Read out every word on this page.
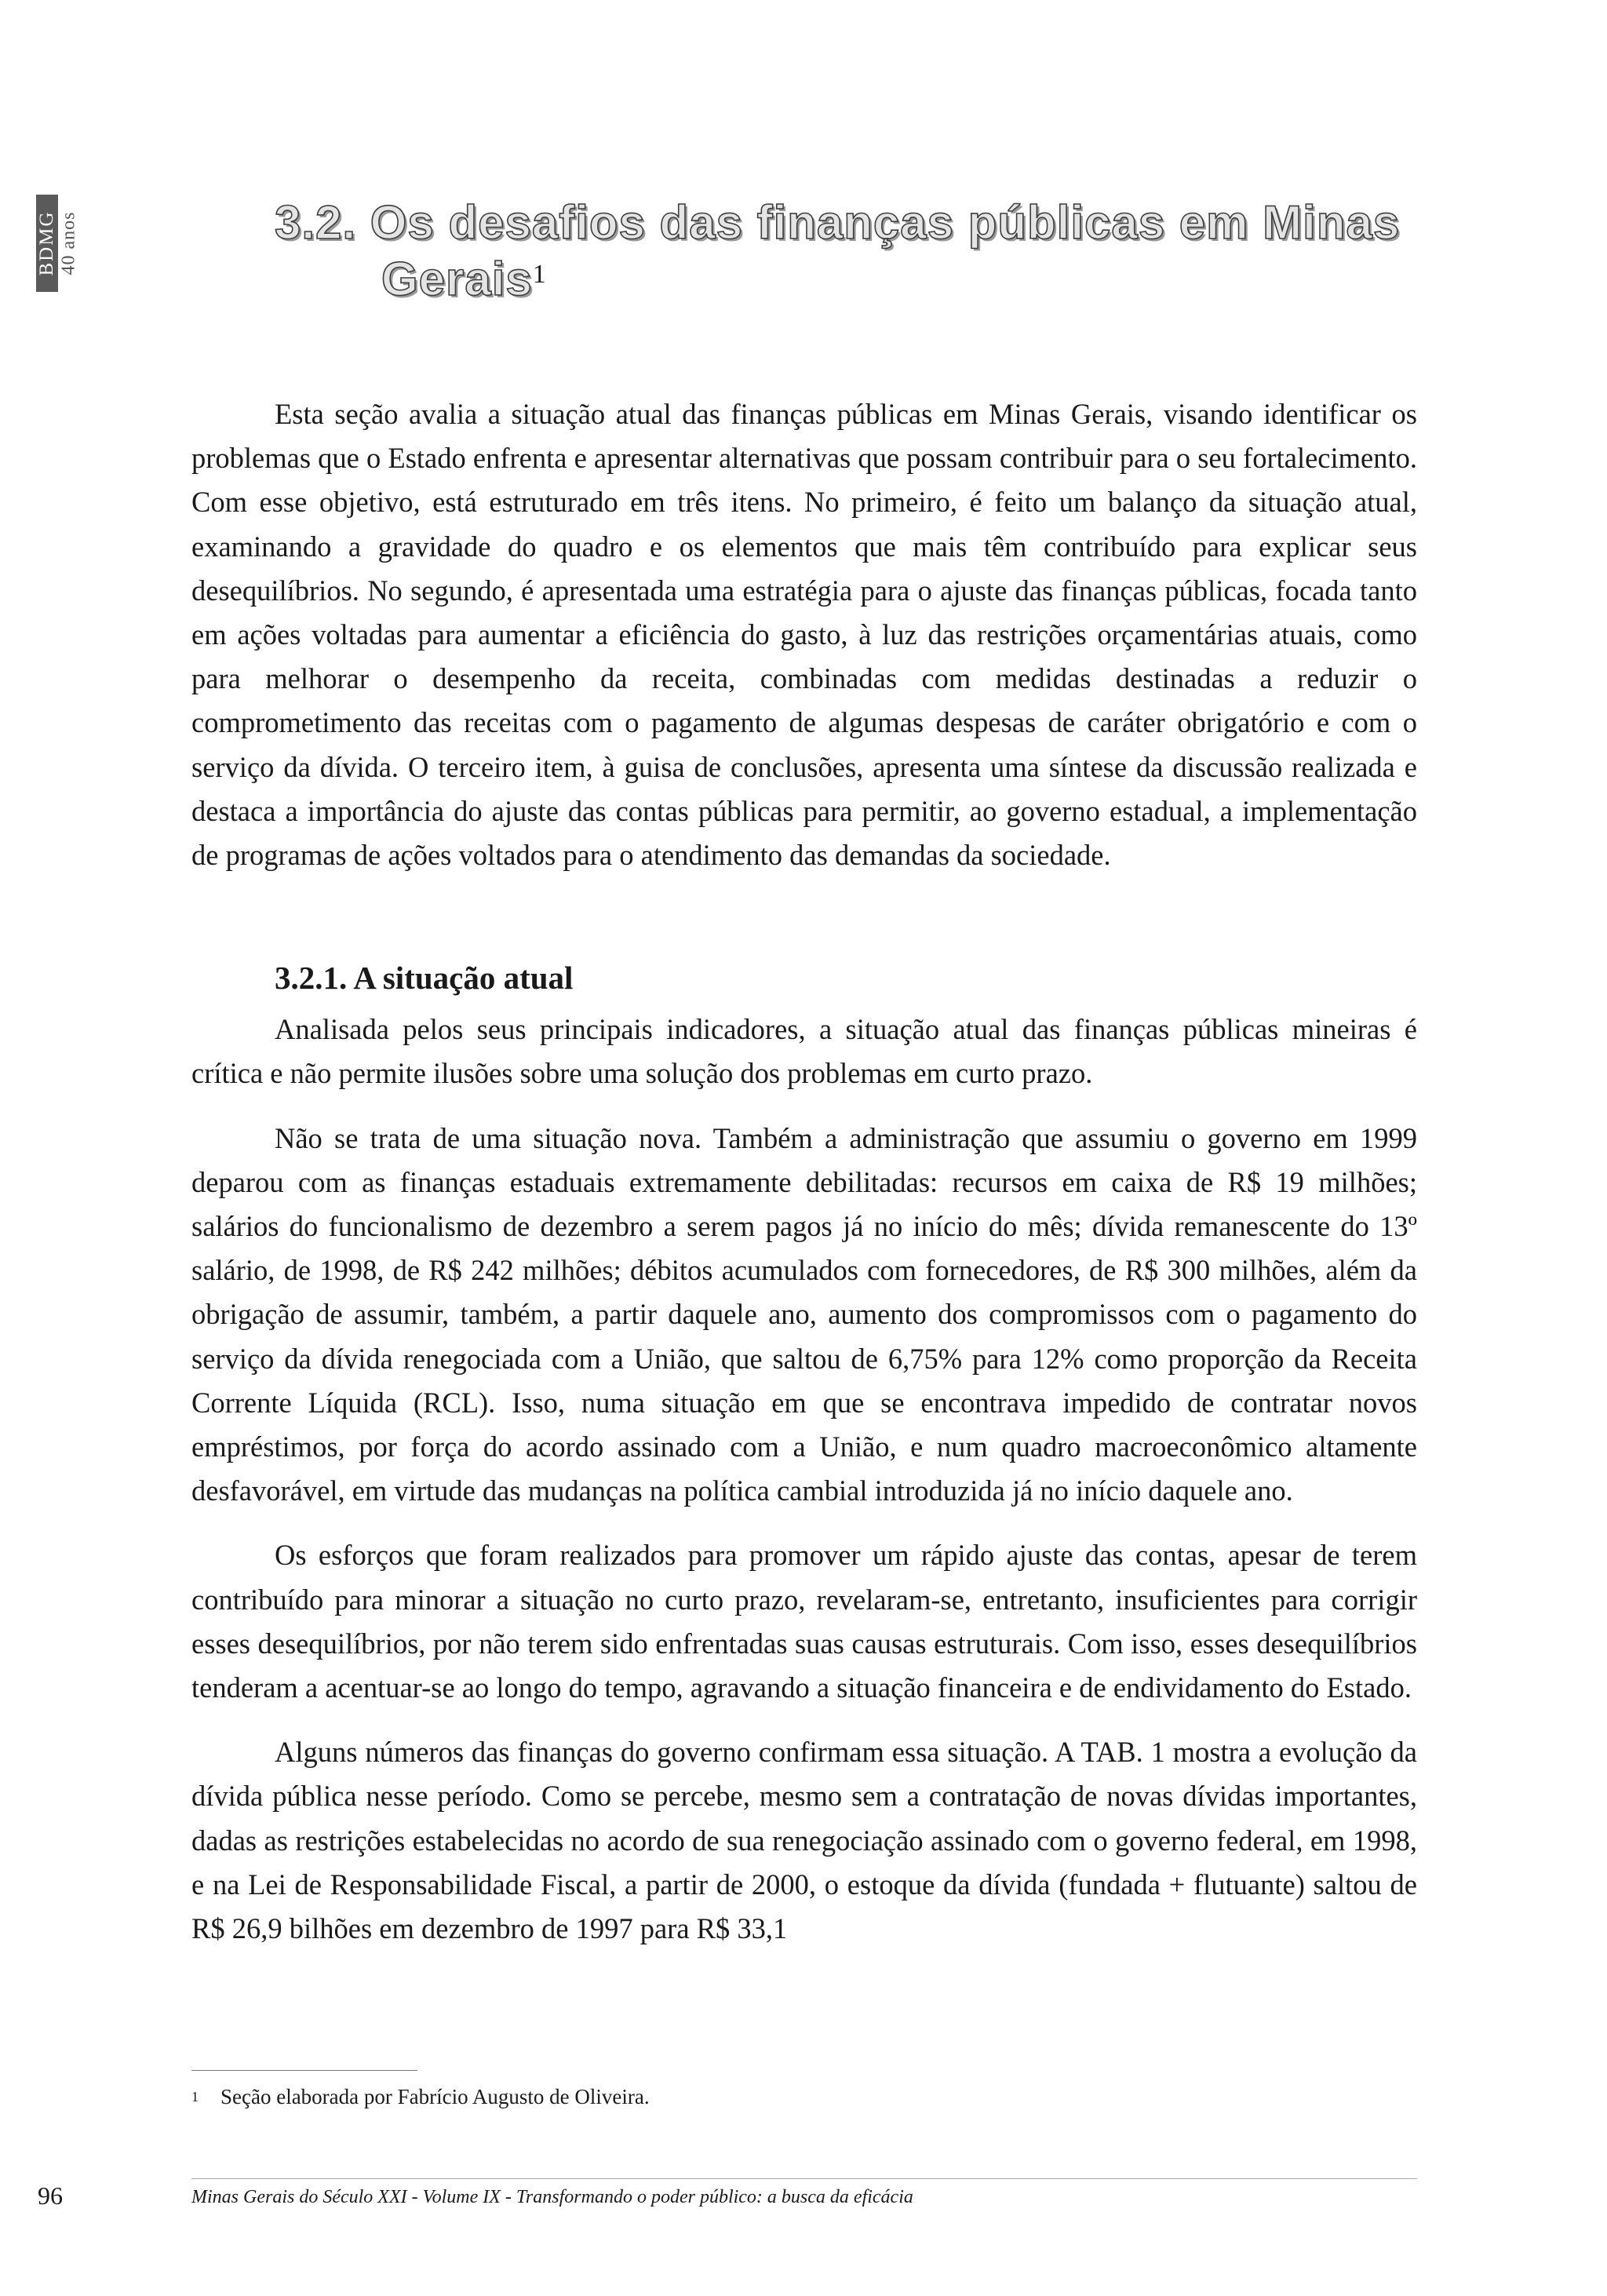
BDMG 40 anos	3.2. Os desafios das finanças públicas em Minas
Gerais$^1$

Esta seção avalia a situação atual das finanças públicas em Minas Gerais, visando identificar os problemas que o Estado enfrenta e apresentar alternativas que possam contribuir para o seu fortalecimento. Com esse objetivo, está estruturado em três itens. No primeiro, é feito um balanço da situação atual, examinando a gravidade do quadro e os elementos que mais têm contribuído para explicar seus desequilíbrios. No segundo, é apresentada uma estratégia para o ajuste das finanças públicas, focada tanto em ações voltadas para aumentar a eficiência do gasto, à luz das restrições orçamentárias atuais, como para melhorar o desempenho da receita, combinadas com medidas destinadas a reduzir o comprometimento das receitas com o pagamento de algumas despesas de caráter obrigatório e com o serviço da dívida. O terceiro item, à guisa de conclusões, apresenta uma síntese da discussão realizada e destaca a importância do ajuste das contas públicas para permitir, ao governo estadual, a implementação de programas de ações voltados para o atendimento das demandas da sociedade.

3.2.1. A situação atual

Analisada pelos seus principais indicadores, a situação atual das finanças públicas mineiras é crítica e não permite ilusões sobre uma solução dos problemas em curto prazo.

Não se trata de uma situação nova. Também a administração que assumiu o governo em 1999 deparou com as finanças estaduais extremamente debilitadas: recursos em caixa de R$ 19 milhões; salários do funcionalismo de dezembro a serem pagos já no início do mês; dívida remanescente do 13º salário, de 1998, de R$ 242 milhões; débitos acumulados com fornecedores, de R$ 300 milhões, além da obrigação de assumir, também, a partir daquele ano, aumento dos compromissos com o pagamento do serviço da dívida renegociada com a União, que saltou de 6,75% para 12% como proporção da Receita Corrente Líquida (RCL). Isso, numa situação em que se encontrava impedido de contratar novos empréstimos, por força do acordo assinado com a União, e num quadro macroeconômico altamente desfavorável, em virtude das mudanças na política cambial introduzida já no início daquele ano.

Os esforços que foram realizados para promover um rápido ajuste das contas, apesar de terem contribuído para minorar a situação no curto prazo, revelaram-se, entretanto, insuficientes para corrigir esses desequilíbrios, por não terem sido enfrentadas suas causas estruturais. Com isso, esses desequilíbrios tenderam a acentuar-se ao longo do tempo, agravando a situação financeira e de endividamento do Estado.

Alguns números das finanças do governo confirmam essa situação. A TAB. 1 mostra a evolução da dívida pública nesse período. Como se percebe, mesmo sem a contratação de novas dívidas importantes, dadas as restrições estabelecidas no acordo de sua renegociação assinado com o governo federal, em 1998, e na Lei de Responsabilidade Fiscal, a partir de 2000, o estoque da dívida (fundada + flutuante) saltou de R$ 26,9 bilhões em dezembro de 1997 para R$ 33,1

$^1$ Seção elaborada por Fabrício Augusto de Oliveira.
96	Minas Gerais do Século XXI - Volume IX - Transformando o poder público: a busca da eficácia
